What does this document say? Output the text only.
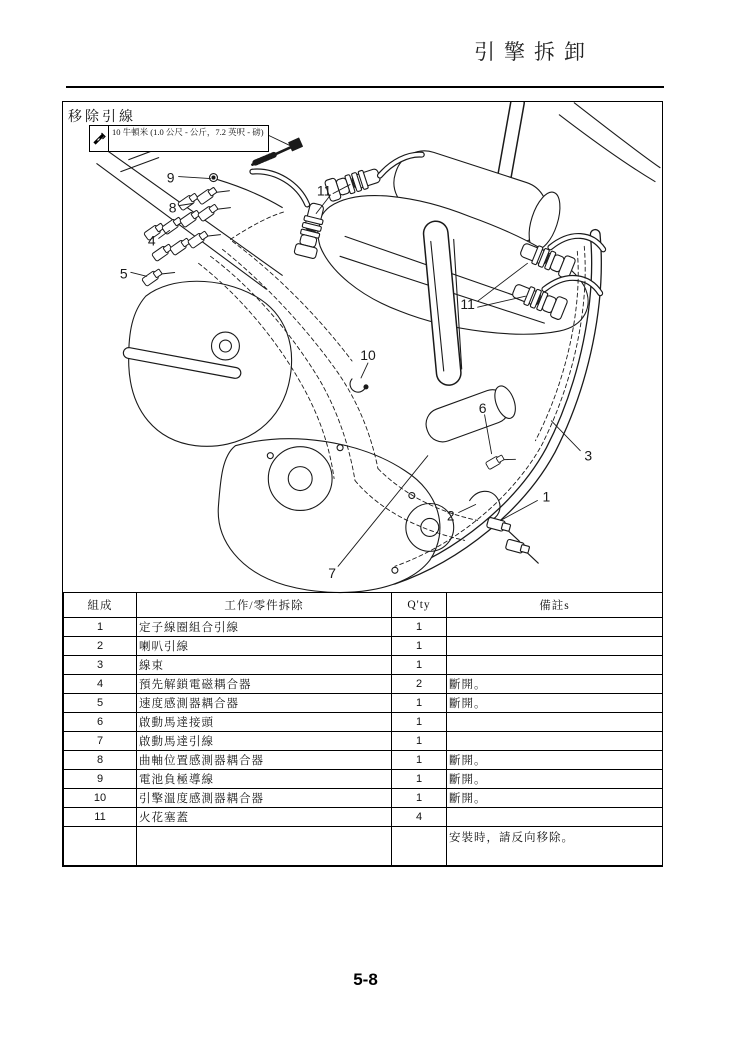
引擎拆卸
移除引線
10 牛頓米 (1.0 公尺 - 公斤，7.2 英呎 - 磅)
9
8
4
5
11
11
10
6
3
1
2
7
組成	工作/零件拆除	Q'ty	備註s
1	定子線圈組合引線	1	
2	喇叭引線	1	
3	線束	1	
4	預先解鎖電磁耦合器	2	斷開。
5	速度感測器耦合器	1	斷開。
6	啟動馬達接頭	1	
7	啟動馬達引線	1	
8	曲軸位置感測器耦合器	1	斷開。
9	電池負極導線	1	斷開。
10	引擎溫度感測器耦合器	1	斷開。
11	火花塞蓋	4	
			安裝時，請反向移除。
5-8
